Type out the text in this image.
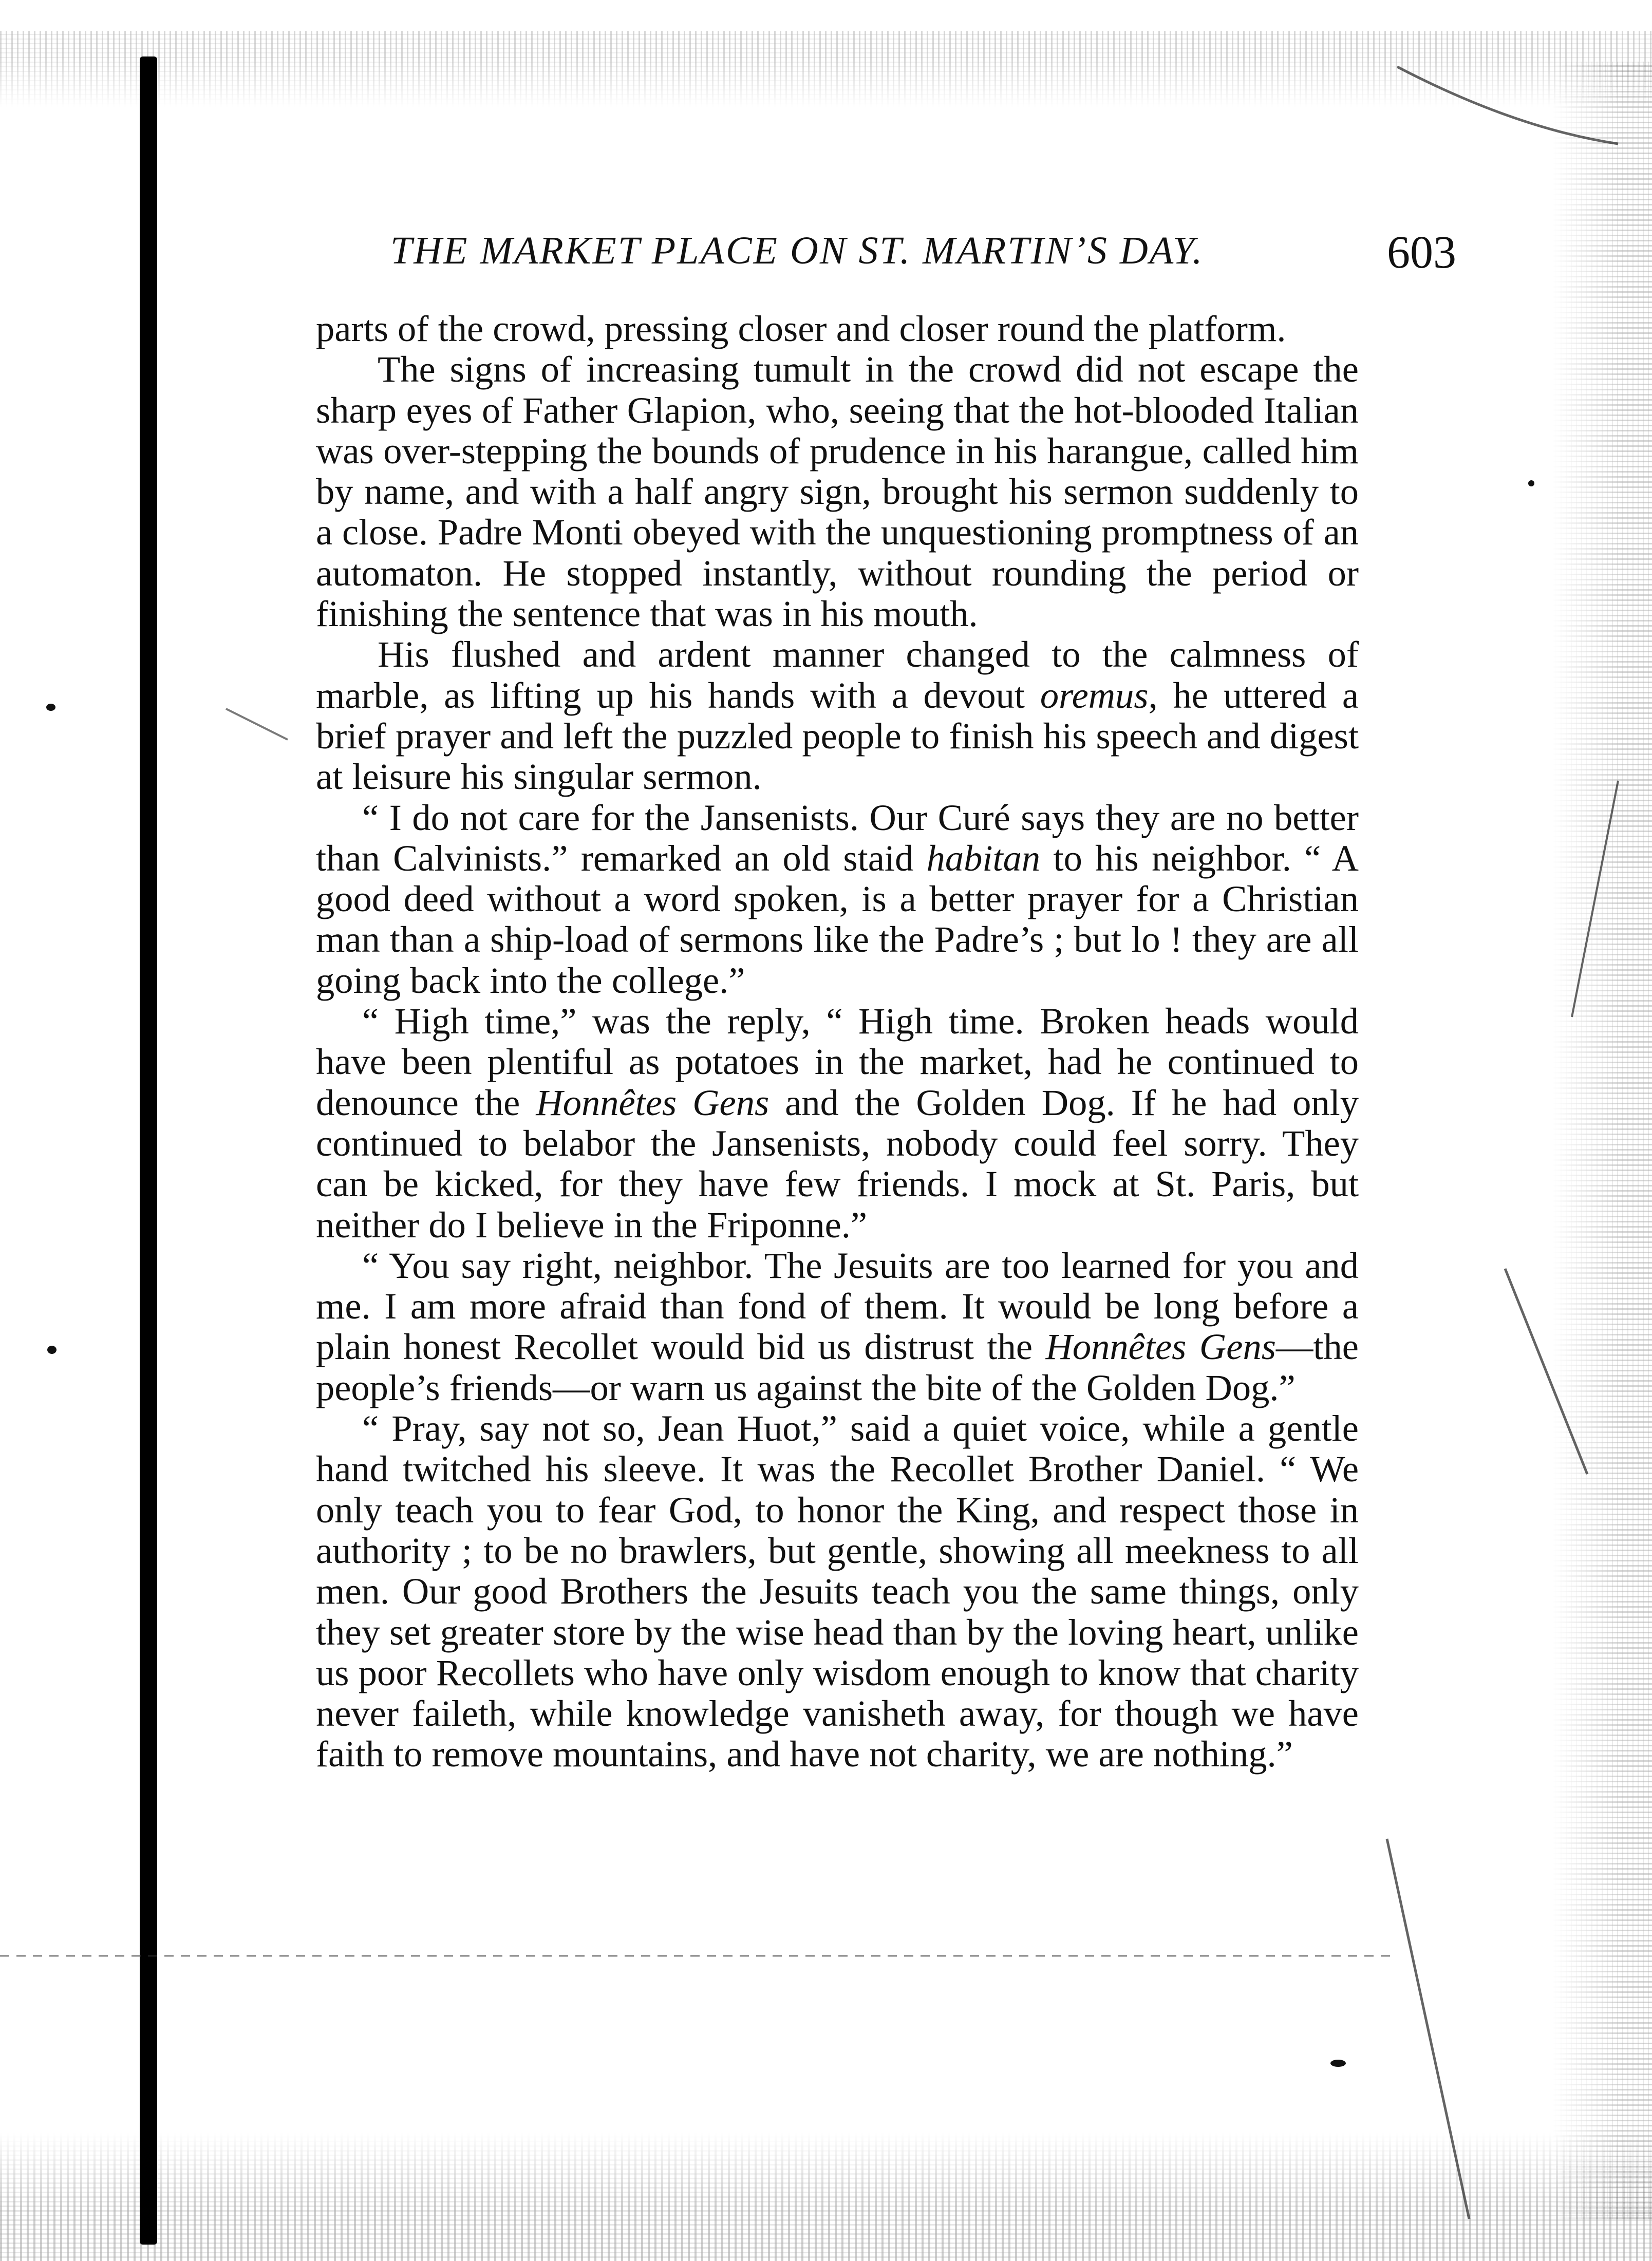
THE MARKET PLACE ON ST. MARTIN’S DAY.	603

parts of the crowd, pressing closer and closer round the platform.

The signs of increasing tumult in the crowd did not escape the sharp eyes of Father Glapion, who, seeing that the hot-blooded Italian was over-stepping the bounds of prudence in his harangue, called him by name, and with a half angry sign, brought his sermon suddenly to a close. Padre Monti obeyed with the unquestioning promptness of an automaton. He stopped instantly, without rounding the period or finishing the sentence that was in his mouth.

His flushed and ardent manner changed to the calmness of marble, as lifting up his hands with a devout oremus, he uttered a brief prayer and left the puzzled people to finish his speech and digest at leisure his singular sermon.

“ I do not care for the Jansenists. Our Curé says they are no better than Calvinists.” remarked an old staid habitan to his neighbor. “ A good deed without a word spoken, is a better prayer for a Christian man than a ship-load of sermons like the Padre’s ; but lo ! they are all going back into the college.”

“ High time,” was the reply, “ High time. Broken heads would have been plentiful as potatoes in the market, had he continued to denounce the Honnêtes Gens and the Golden Dog. If he had only continued to belabor the Jansenists, nobody could feel sorry. They can be kicked, for they have few friends. I mock at St. Paris, but neither do I believe in the Friponne.”

“ You say right, neighbor. The Jesuits are too learned for you and me. I am more afraid than fond of them. It would be long before a plain honest Recollet would bid us distrust the Honnêtes Gens—the people’s friends—or warn us against the bite of the Golden Dog.”

“ Pray, say not so, Jean Huot,” said a quiet voice, while a gentle hand twitched his sleeve. It was the Recollet Brother Daniel. “ We only teach you to fear God, to honor the King, and respect those in authority ; to be no brawlers, but gentle, showing all meekness to all men. Our good Brothers the Jesuits teach you the same things, only they set greater store by the wise head than by the loving heart, unlike us poor Recollets who have only wisdom enough to know that charity never faileth, while knowledge vanisheth away, for though we have faith to remove mountains, and have not charity, we are nothing.”
